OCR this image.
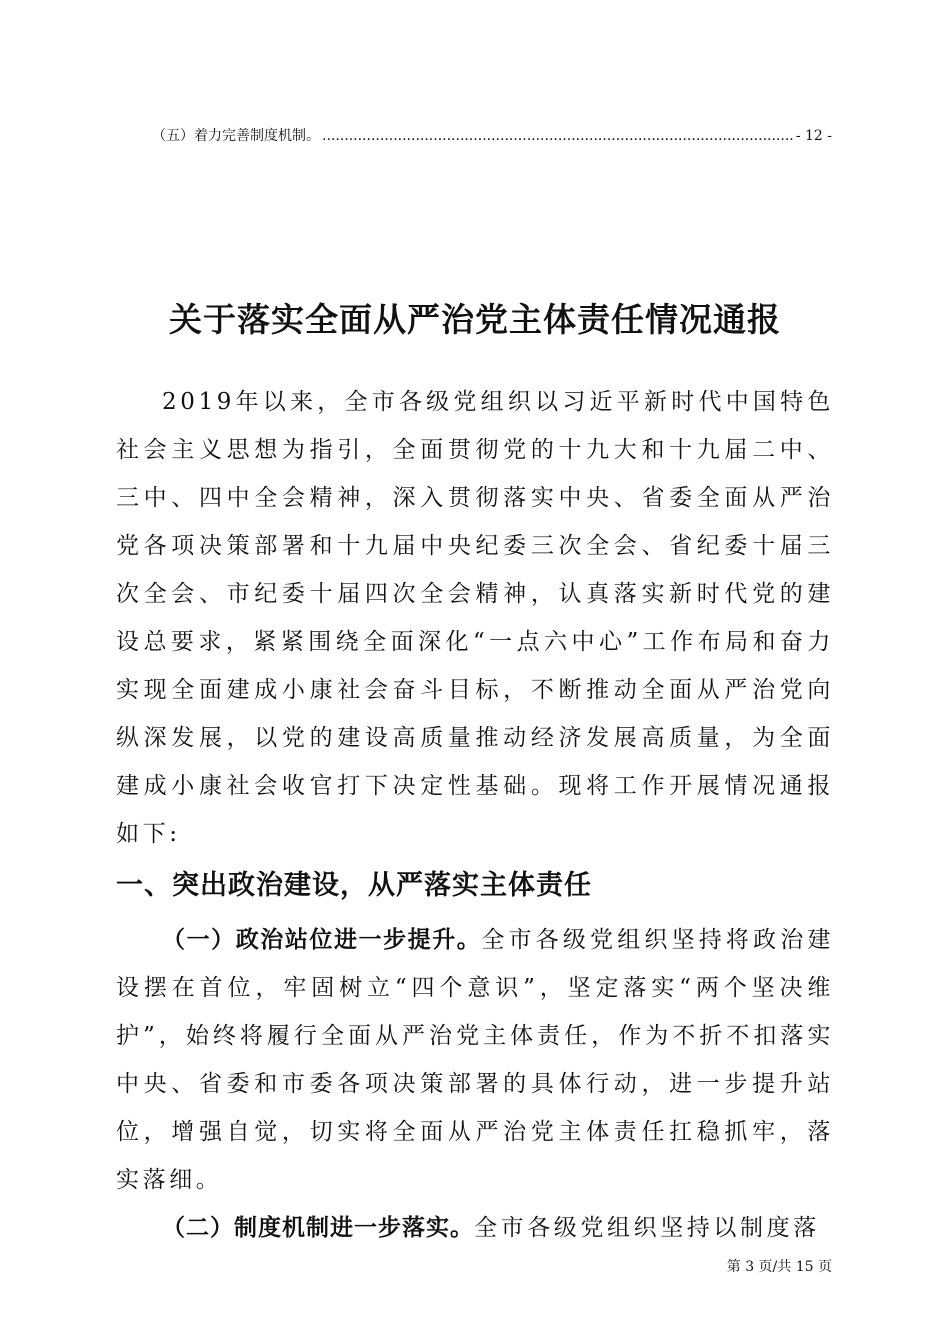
（五）着力完善制度机制。
.....	- 12 -
关于落实全面从严治党主体责任情况通报

2019年以来，全市各级党组织以习近平新时代中国特色社会主义思想为指引，全面贯彻党的十九大和十九届二中、三中、四中全会精神，深入贯彻落实中央、省委全面从严治党各项决策部署和十九届中央纪委三次全会、省纪委十届三次全会、市纪委十届四次全会精神，认真落实新时代党的建设总要求，紧紧围绕全面深化“一点六中心”工作布局和奋力实现全面建成小康社会奋斗目标，不断推动全面从严治党向纵深发展，以党的建设高质量推动经济发展高质量，为全面建成小康社会收官打下决定性基础。现将工作开展情况通报如下:

一、突出政治建设，从严落实主体责任

（一）政治站位进一步提升。全市各级党组织坚持将政治建设摆在首位，牢固树立“四个意识”，坚定落实“两个坚决维护”，始终将履行全面从严治党主体责任，作为不折不扣落实中央、省委和市委各项决策部署的具体行动，进一步提升站位，增强自觉，切实将全面从严治党主体责任扛稳抓牢，落实落细。

（二）制度机制进一步落实。全市各级党组织坚持以制度落

第 3 页/共 15 页
